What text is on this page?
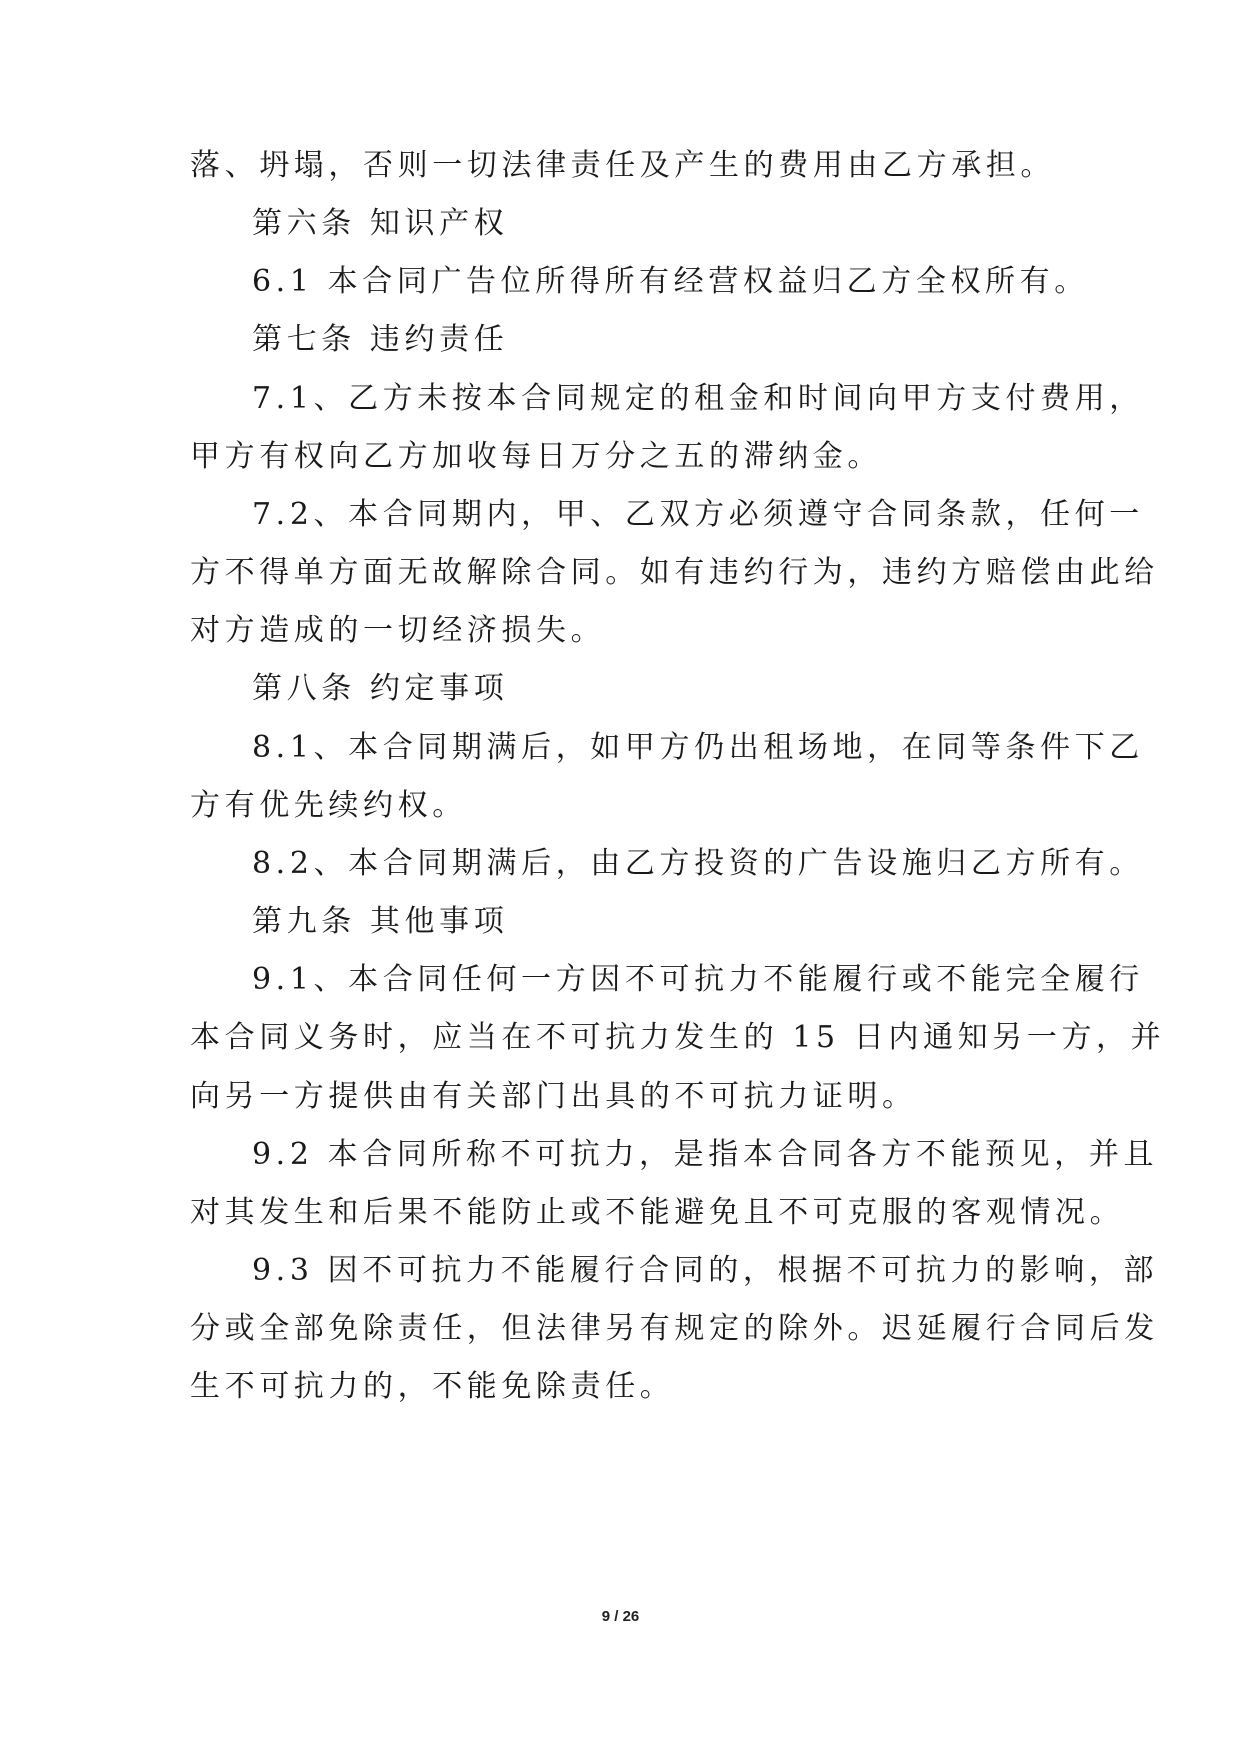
落、坍塌，否则一切法律责任及产生的费用由乙方承担。
第六条 知识产权
6.1 本合同广告位所得所有经营权益归乙方全权所有。
第七条 违约责任
7.1、乙方未按本合同规定的租金和时间向甲方支付费用，
甲方有权向乙方加收每日万分之五的滞纳金。
7.2、本合同期内，甲、乙双方必须遵守合同条款，任何一
方不得单方面无故解除合同。如有违约行为，违约方赔偿由此给
对方造成的一切经济损失。
第八条 约定事项
8.1、本合同期满后，如甲方仍出租场地，在同等条件下乙
方有优先续约权。
8.2、本合同期满后，由乙方投资的广告设施归乙方所有。
第九条 其他事项
9.1、本合同任何一方因不可抗力不能履行或不能完全履行
本合同义务时，应当在不可抗力发生的 15 日内通知另一方，并
向另一方提供由有关部门出具的不可抗力证明。
9.2 本合同所称不可抗力，是指本合同各方不能预见，并且
对其发生和后果不能防止或不能避免且不可克服的客观情况。
9.3 因不可抗力不能履行合同的，根据不可抗力的影响，部
分或全部免除责任，但法律另有规定的除外。迟延履行合同后发
生不可抗力的，不能免除责任。
9 / 26
